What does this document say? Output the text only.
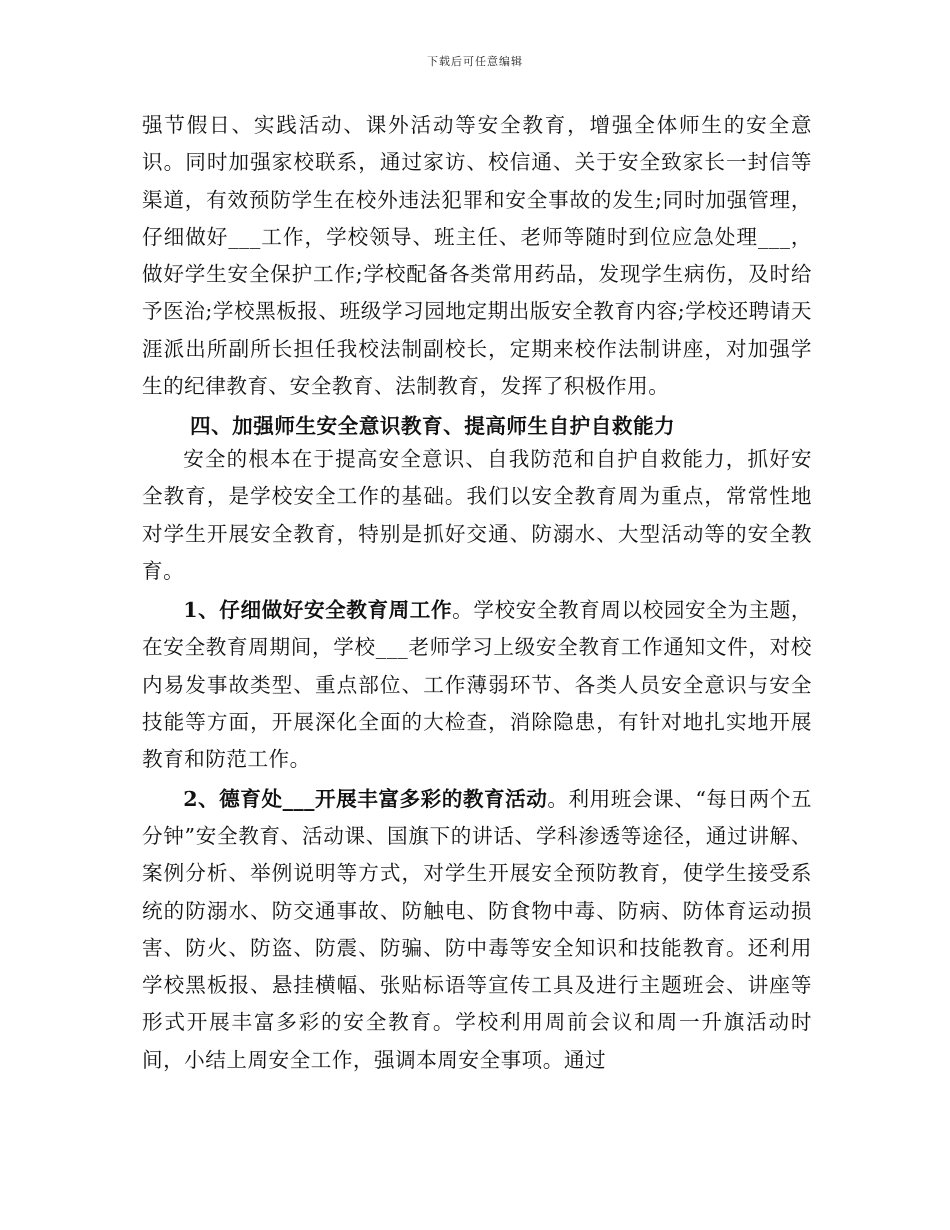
下载后可任意编辑

强节假日、实践活动、课外活动等安全教育，增强全体师生的安全意识。同时加强家校联系，通过家访、校信通、关于安全致家长一封信等渠道，有效预防学生在校外违法犯罪和安全事故的发生;同时加强管理，仔细做好___工作，学校领导、班主任、老师等随时到位应急处理___，做好学生安全保护工作;学校配备各类常用药品，发现学生病伤，及时给予医治;学校黑板报、班级学习园地定期出版安全教育内容;学校还聘请天涯派出所副所长担任我校法制副校长，定期来校作法制讲座，对加强学生的纪律教育、安全教育、法制教育，发挥了积极作用。

四、加强师生安全意识教育、提高师生自护自救能力

安全的根本在于提高安全意识、自我防范和自护自救能力，抓好安全教育，是学校安全工作的基础。我们以安全教育周为重点，常常性地对学生开展安全教育，特别是抓好交通、防溺水、大型活动等的安全教育。

1、仔细做好安全教育周工作。学校安全教育周以校园安全为主题，在安全教育周期间，学校___老师学习上级安全教育工作通知文件，对校内易发事故类型、重点部位、工作薄弱环节、各类人员安全意识与安全技能等方面，开展深化全面的大检查，消除隐患，有针对地扎实地开展教育和防范工作。

2、德育处___开展丰富多彩的教育活动。利用班会课、“每日两个五分钟”安全教育、活动课、国旗下的讲话、学科渗透等途径，通过讲解、案例分析、举例说明等方式，对学生开展安全预防教育，使学生接受系统的防溺水、防交通事故、防触电、防食物中毒、防病、防体育运动损害、防火、防盗、防震、防骗、防中毒等安全知识和技能教育。还利用学校黑板报、悬挂横幅、张贴标语等宣传工具及进行主题班会、讲座等形式开展丰富多彩的安全教育。学校利用周前会议和周一升旗活动时间，小结上周安全工作，强调本周安全事项。通过
